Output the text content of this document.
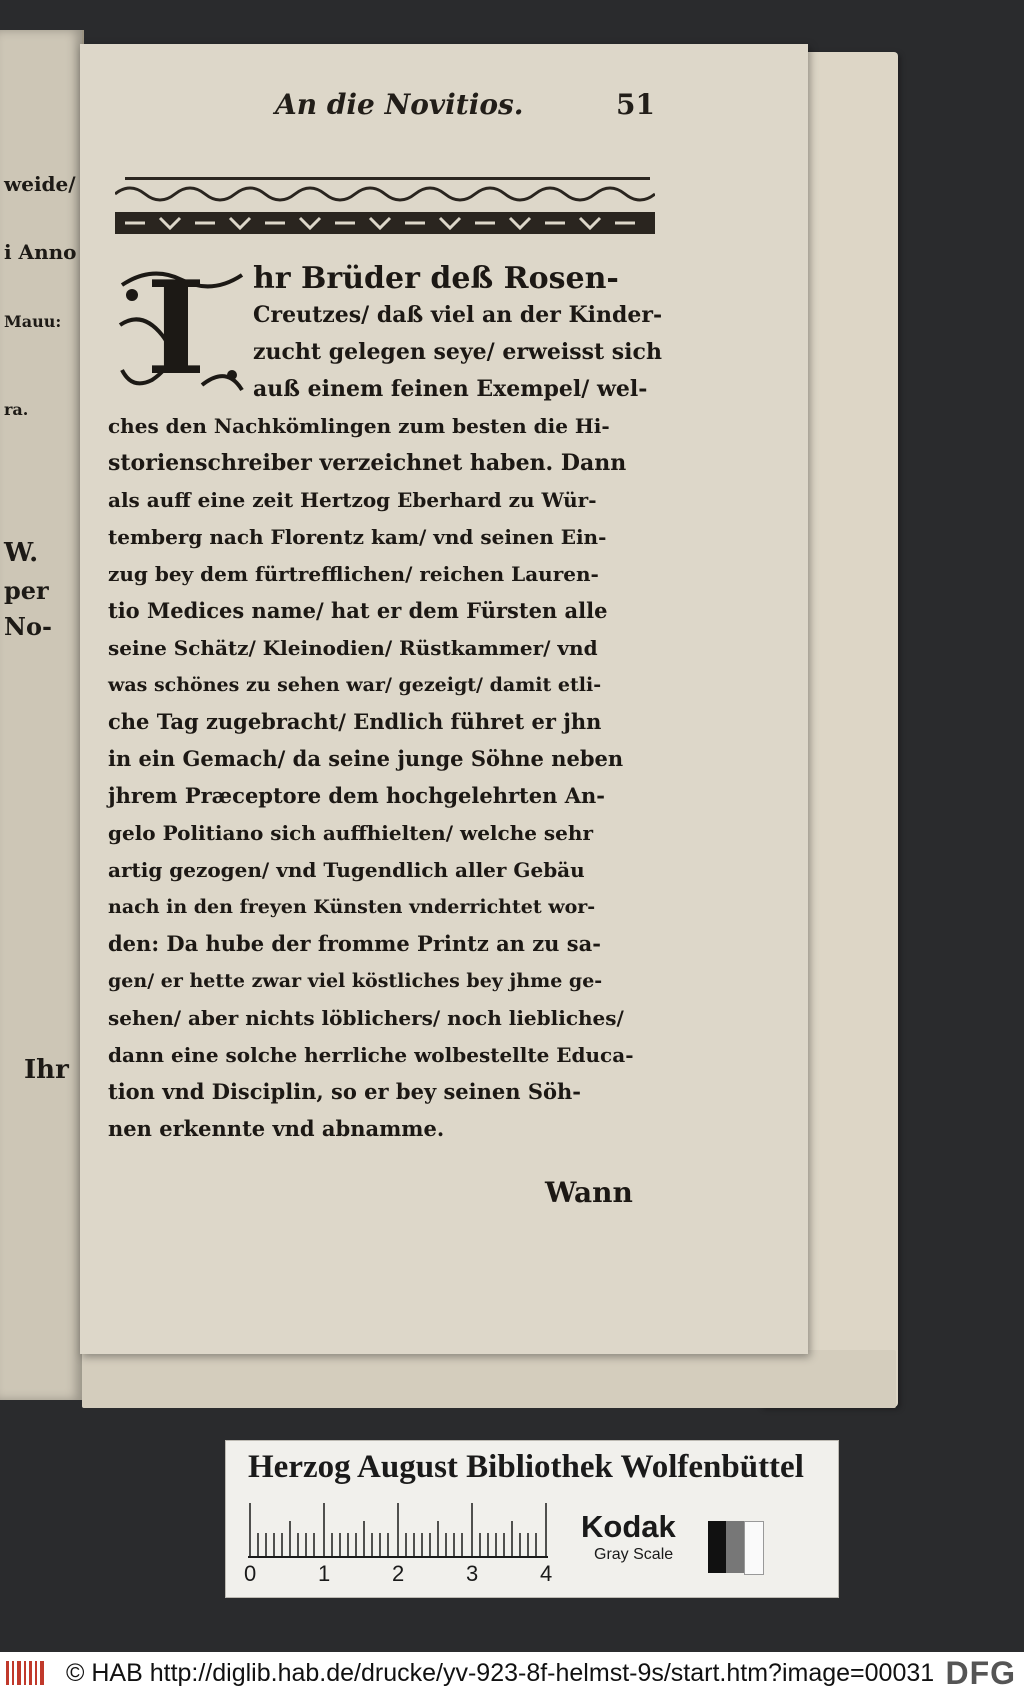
weide/
i Anno
Mauu:
ra.
W.
per
No-
Ihr
An die Novitios.	51
I hr Brüder deß Rosen-
Creutzes/ daß viel an der Kinder-
zucht gelegen seye/ erweisst sich
auß einem feinen Exempel/ wel-
ches den Nachkömlingen zum besten die Hi-
storienschreiber verzeichnet haben. Dann
als auff eine zeit Hertzog Eberhard zu Wür-
temberg nach Florentz kam/ vnd seinen Ein-
zug bey dem fürtrefflichen/ reichen Lauren-
tio Medices name/ hat er dem Fürsten alle
seine Schätz/ Kleinodien/ Rüstkammer/ vnd
was schönes zu sehen war/ gezeigt/ damit etli-
che Tag zugebracht/ Endlich führet er jhn
in ein Gemach/ da seine junge Söhne neben
jhrem Præceptore dem hochgelehrten An-
gelo Politiano sich auffhielten/ welche sehr
artig gezogen/ vnd Tugendlich aller Gebäu
nach in den freyen Künsten vnderrichtet wor-
den: Da hube der fromme Printz an zu sa-
gen/ er hette zwar viel köstliches bey jhme ge-
sehen/ aber nichts löblichers/ noch liebliches/
dann eine solche herrliche wolbestellte Educa-
tion vnd Disciplin, so er bey seinen Söh-
nen erkennte vnd abnamme.
Wann
Herzog August Bibliothek Wolfenbüttel
0	1	2	3	4
Kodak
Gray Scale
© HAB http://diglib.hab.de/drucke/yv-923-8f-helmst-9s/start.htm?image=00031 DFG
